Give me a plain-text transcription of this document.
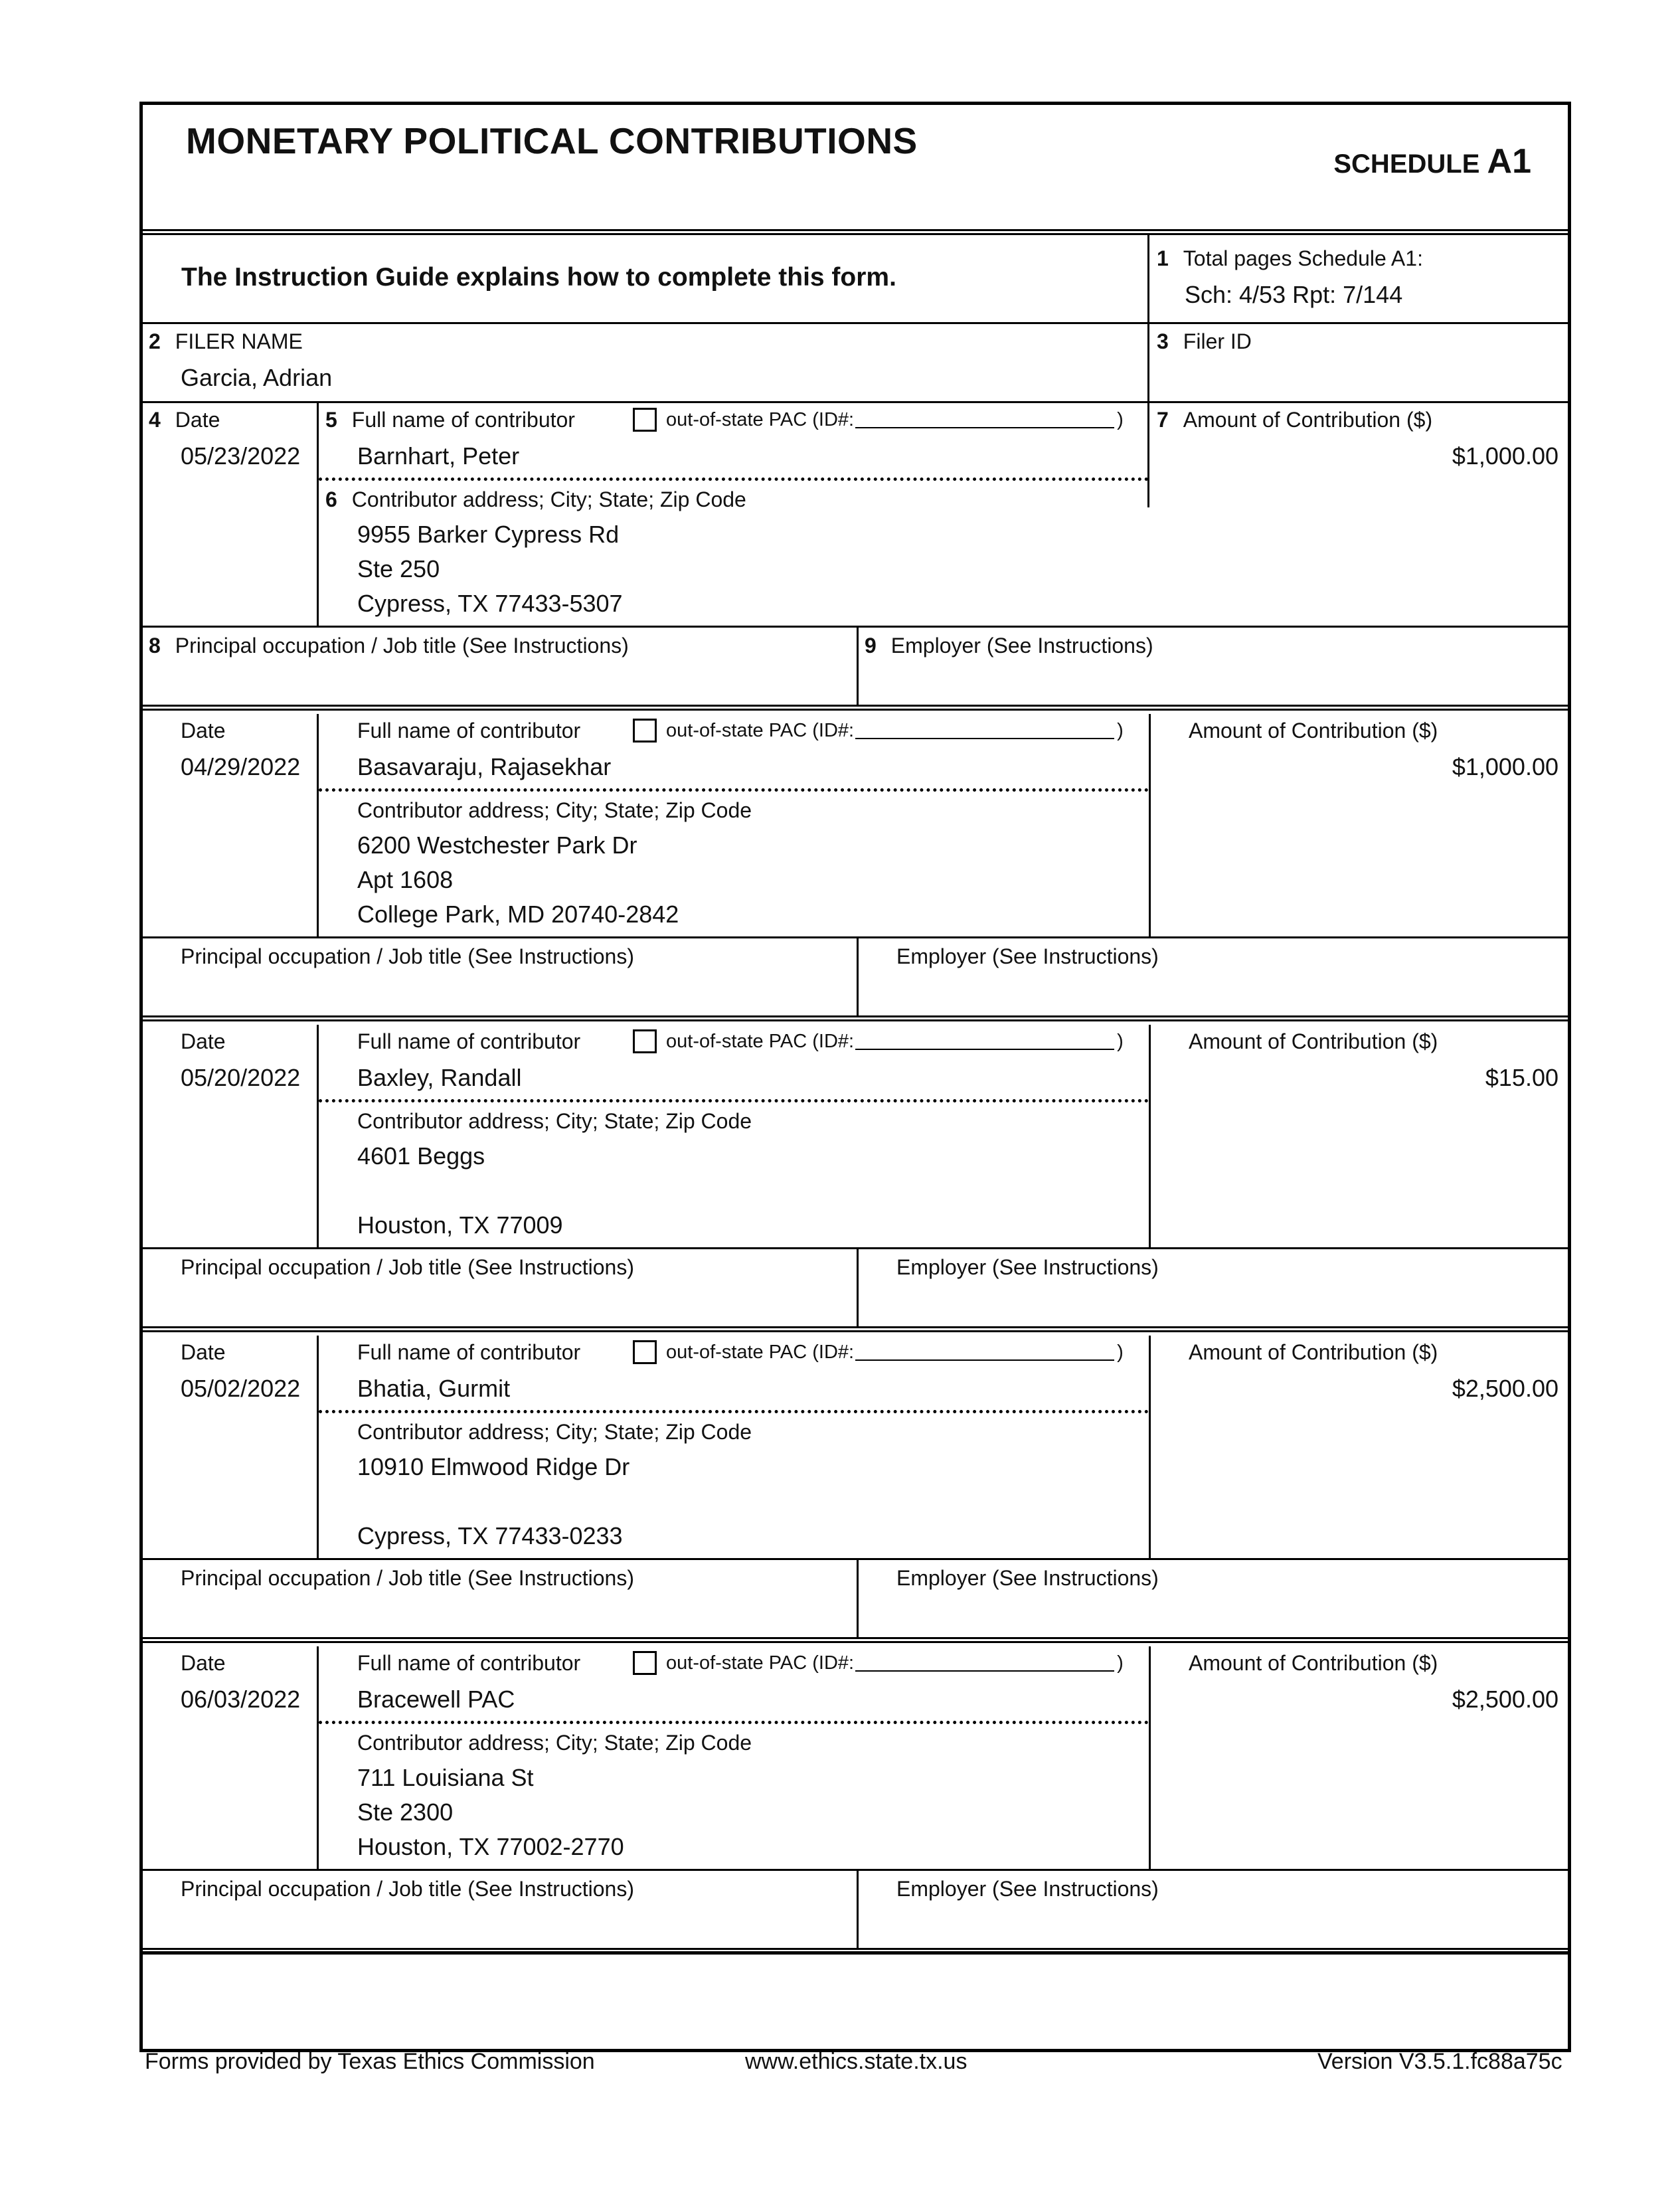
MONETARY POLITICAL CONTRIBUTIONS
SCHEDULE A1
The Instruction Guide explains how to complete this form.
1 Total pages Schedule A1:
Sch: 4/53 Rpt: 7/144
2 FILER NAME
Garcia, Adrian
3 Filer ID
4 Date
05/23/2022
5 Full name of contributor	out-of-state PAC (ID#:	)
Barnhart, Peter
6 Contributor address; City; State; Zip Code
9955 Barker Cypress Rd
Ste 250
Cypress, TX 77433-5307
7 Amount of Contribution ($)
$1,000.00
8 Principal occupation / Job title (See Instructions)	9 Employer (See Instructions)
Date
04/29/2022
Full name of contributor	out-of-state PAC (ID#:	)
Basavaraju, Rajasekhar
Contributor address; City; State; Zip Code
6200 Westchester Park Dr
Apt 1608
College Park, MD 20740-2842
Amount of Contribution ($)
$1,000.00
Principal occupation / Job title (See Instructions)	Employer (See Instructions)
Date
05/20/2022
Full name of contributor	out-of-state PAC (ID#:	)
Baxley, Randall
Contributor address; City; State; Zip Code
4601 Beggs
Houston, TX 77009
Amount of Contribution ($)
$15.00
Principal occupation / Job title (See Instructions)	Employer (See Instructions)
Date
05/02/2022
Full name of contributor	out-of-state PAC (ID#:	)
Bhatia, Gurmit
Contributor address; City; State; Zip Code
10910 Elmwood Ridge Dr
Cypress, TX 77433-0233
Amount of Contribution ($)
$2,500.00
Principal occupation / Job title (See Instructions)	Employer (See Instructions)
Date
06/03/2022
Full name of contributor	out-of-state PAC (ID#:	)
Bracewell PAC
Contributor address; City; State; Zip Code
711 Louisiana St
Ste 2300
Houston, TX 77002-2770
Amount of Contribution ($)
$2,500.00
Principal occupation / Job title (See Instructions)	Employer (See Instructions)
Forms provided by Texas Ethics Commission	www.ethics.state.tx.us	Version V3.5.1.fc88a75c
